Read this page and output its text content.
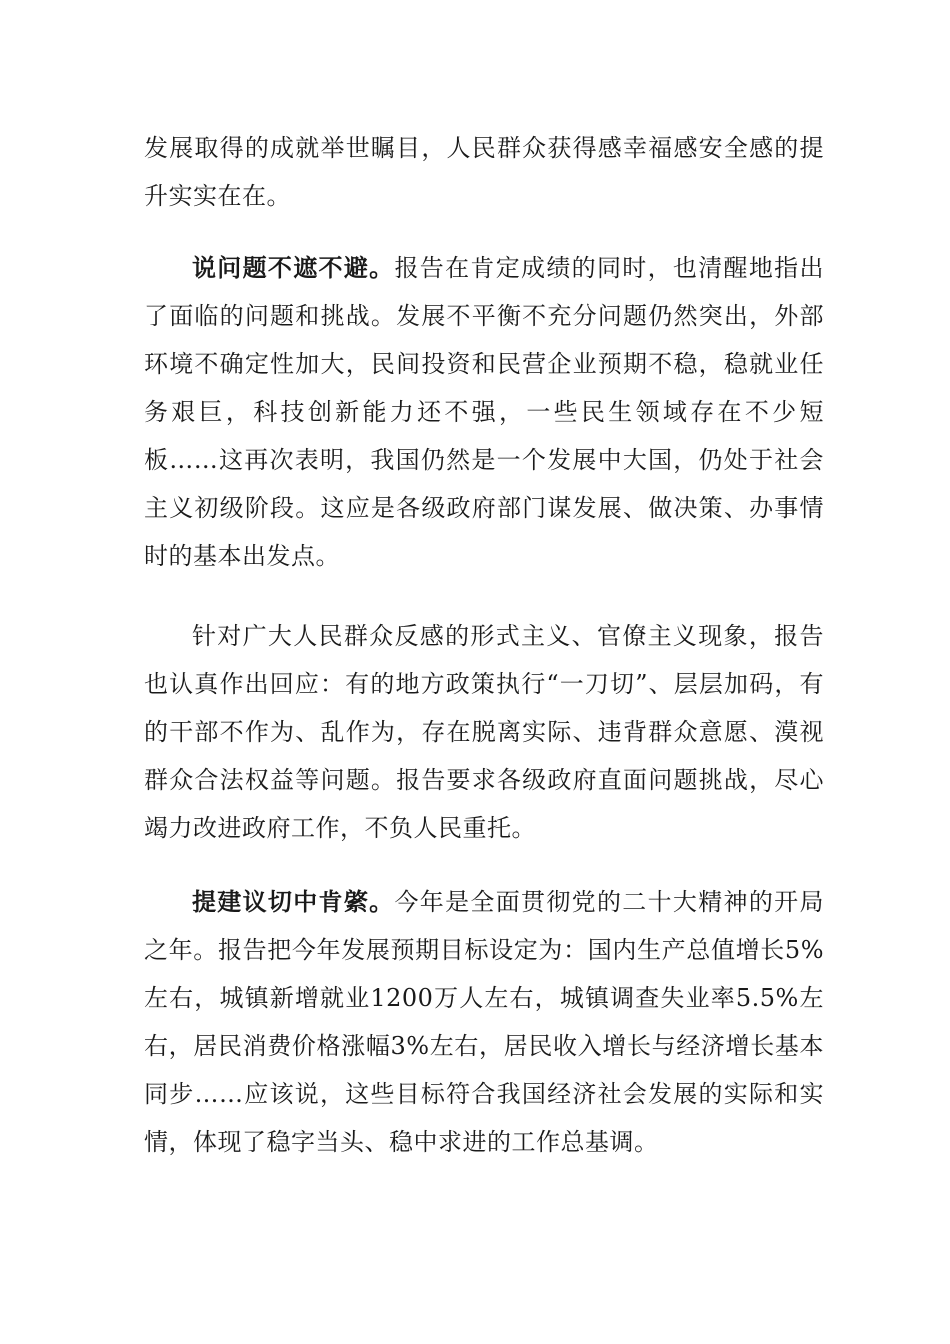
发展取得的成就举世瞩目，人民群众获得感幸福感安全感的提升实实在在。

说问题不遮不避。报告在肯定成绩的同时，也清醒地指出了面临的问题和挑战。发展不平衡不充分问题仍然突出，外部环境不确定性加大，民间投资和民营企业预期不稳，稳就业任务艰巨，科技创新能力还不强，一些民生领域存在不少短板……这再次表明，我国仍然是一个发展中大国，仍处于社会主义初级阶段。这应是各级政府部门谋发展、做决策、办事情时的基本出发点。

针对广大人民群众反感的形式主义、官僚主义现象，报告也认真作出回应：有的地方政策执行“一刀切”、层层加码，有的干部不作为、乱作为，存在脱离实际、违背群众意愿、漠视群众合法权益等问题。报告要求各级政府直面问题挑战，尽心竭力改进政府工作，不负人民重托。

提建议切中肯綮。今年是全面贯彻党的二十大精神的开局之年。报告把今年发展预期目标设定为：国内生产总值增长5%左右，城镇新增就业1200万人左右，城镇调查失业率5.5%左右，居民消费价格涨幅3%左右，居民收入增长与经济增长基本同步……应该说，这些目标符合我国经济社会发展的实际和实情，体现了稳字当头、稳中求进的工作总基调。
